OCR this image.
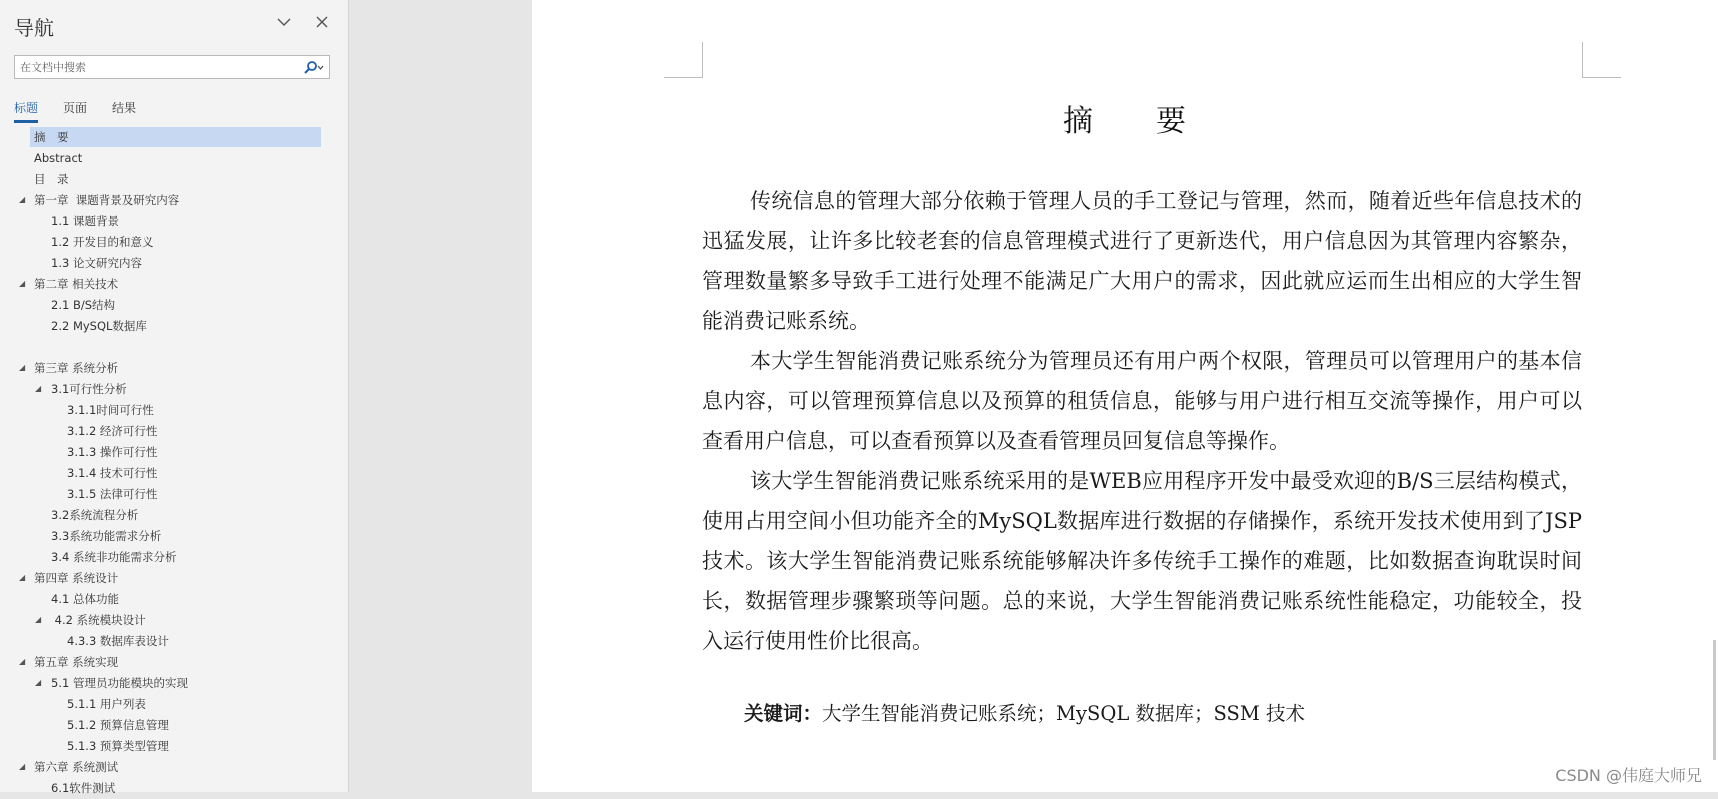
导航
在文档中搜索
标题 页面 结果
摘　要
Abstract
目　录
◢ 第一章  课题背景及研究内容
1.1 课题背景
1.2 开发目的和意义
1.3 论文研究内容
◢ 第二章 相关技术
2.1 B/S结构
2.2 MySQL数据库
◢ 第三章 系统分析
◢ 3.1可行性分析
3.1.1时间可行性
3.1.2 经济可行性
3.1.3 操作可行性
3.1.4 技术可行性
3.1.5 法律可行性
3.2系统流程分析
3.3系统功能需求分析
3.4 系统非功能需求分析
◢ 第四章 系统设计
4.1 总体功能
◢ 4.2 系统模块设计
4.3.3 数据库表设计
◢ 第五章 系统实现
◢ 5.1 管理员功能模块的实现
5.1.1 用户列表
5.1.2 预算信息管理
5.1.3 预算类型管理
◢ 第六章 系统测试
6.1软件测试
摘　　要

传统信息的管理大部分依赖于管理人员的手工登记与管理，然而，随着近些年信息技术的迅猛发展，让许多比较老套的信息管理模式进行了更新迭代，用户信息因为其管理内容繁杂，管理数量繁多导致手工进行处理不能满足广大用户的需求，因此就应运而生出相应的大学生智能消费记账系统。

本大学生智能消费记账系统分为管理员还有用户两个权限，管理员可以管理用户的基本信息内容，可以管理预算信息以及预算的租赁信息，能够与用户进行相互交流等操作，用户可以查看用户信息，可以查看预算以及查看管理员回复信息等操作。

该大学生智能消费记账系统采用的是WEB应用程序开发中最受欢迎的B/S三层结构模式，使用占用空间小但功能齐全的MySQL数据库进行数据的存储操作，系统开发技术使用到了JSP技术。该大学生智能消费记账系统能够解决许多传统手工操作的难题，比如数据查询耽误时间长，数据管理步骤繁琐等问题。总的来说，大学生智能消费记账系统性能稳定，功能较全，投入运行使用性价比很高。

关键词：大学生智能消费记账系统；MySQL 数据库；SSM 技术
CSDN @伟庭大师兄
